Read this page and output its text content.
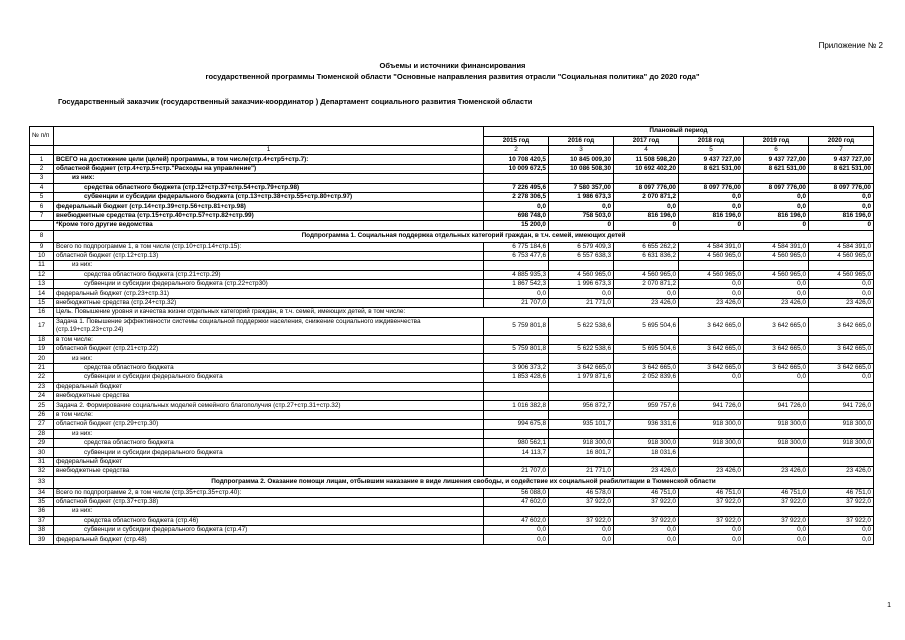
Приложение № 2
Объемы и источники финансирования
государственной программы Тюменской области "Основные направления развития отрасли "Социальная политика" до 2020 года"
Государственный заказчик (государственный заказчик-координатор ) Департамент социального развития Тюменской области
№ п/п		Плановый период					
		2015 год	2016 год	2017 год	2018 год	2019 год	2020 год
	1	2	3	4	5	6	7
1	ВСЕГО на достижение цели (целей) программы, в том числе(стр.4+стр5+стр.7):	10 708 420,5	10 845 009,30	11 508 598,20	9 437 727,00	9 437 727,00	9 437 727,00
2	областной бюджет (стр.4+стр.5+стр."Расходы на управление")	10 009 672,5	10 086 508,30	10 692 402,20	8 621 531,00	8 621 531,00	8 621 531,00
3	из них:						
4	средства областного бюджета (стр.12+стр.37+стр.54+стр.79+стр.98)	7 226 495,6	7 580 357,00	8 097 776,00	8 097 776,00	8 097 776,00	8 097 776,00
5	субвенции и субсидии федерального бюджета (стр.13+стр.38+стр.55+стр.80+стр.97)	2 278 306,5	1 986 673,3	2 070 871,2	0,0	0,0	0,0
6	федеральный бюджет (стр.14+стр.39+стр.56+стр.81+стр.98)	0,0	0,0	0,0	0,0	0,0	0,0
7	внебюджетные средства (стр.15+стр.40+стр.57+стр.82+стр.99)	698 748,0	758 503,0	816 196,0	816 196,0	816 196,0	816 196,0
	*Кроме того другие ведомства	15 200,0	0	0	0	0	0
8	Подпрограмма 1. Социальная поддержка отдельных категорий граждан, в т.ч. семей, имеющих детей						
9	Всего по подпрограмме 1, в том числе (стр.10+стр.14+стр.15):	6 775 184,6	6 579 409,3	6 655 262,2	4 584 391,0	4 584 391,0	4 584 391,0
10	областной бюджет (стр.12+стр.13)	6 753 477,6	6 557 638,3	6 631 836,2	4 560 965,0	4 560 965,0	4 560 965,0
11	из них:						
12	средства областного бюджета (стр.21+стр.29)	4 885 935,3	4 560 965,0	4 560 965,0	4 560 965,0	4 560 965,0	4 560 965,0
13	субвенции и субсидии федерального бюджета (стр.22+стр30)	1 867 542,3	1 996 673,3	2 070 871,2	0,0	0,0	0,0
14	федеральный бюджет (стр.23+стр.31)	0,0	0,0	0,0	0,0	0,0	0,0
15	внебюджетные средства (стр.24+стр.32)	21 707,0	21 771,0	23 426,0	23 426,0	23 426,0	23 426,0
16	Цель. Повышение уровня и качества жизни отдельных категорий граждан, в т.ч. семей, имеющих детей, в том числе:						
17	Задача 1. Повышение эффективности системы социальной поддержки населения, снижение социального иждивенчества (стр.19+стр.23+стр.24)	5 759 801,8	5 622 538,6	5 695 504,6	3 642 665,0	3 642 665,0	3 642 665,0
18	в том числе:						
19	областной бюджет (стр.21+стр.22)	5 759 801,8	5 622 538,6	5 695 504,6	3 642 665,0	3 642 665,0	3 642 665,0
20	из них:						
21	средства областного бюджета	3 906 373,2	3 642 665,0	3 642 665,0	3 642 665,0	3 642 665,0	3 642 665,0
22	субвенции и субсидии федерального бюджета	1 853 428,6	1 979 871,6	2 052 839,6	0,0	0,0	0,0
23	федеральный бюджет						
24	внебюджетные средства						
25	Задача 2. Формирование социальных моделей семейного благополучия (стр.27+стр.31+стр.32)	1 016 382,8	956 872,7	959 757,6	941 726,0	941 726,0	941 726,0
26	в том числе:						
27	областной бюджет (стр.29+стр.30)	994 675,8	935 101,7	936 331,6	918 300,0	918 300,0	918 300,0
28	из них:						
29	средства областного бюджета	980 562,1	918 300,0	918 300,0	918 300,0	918 300,0	918 300,0
30	субвенции и субсидии федерального бюджета	14 113,7	16 801,7	18 031,6			
31	федеральный бюджет						
32	внебюджетные средства	21 707,0	21 771,0	23 426,0	23 426,0	23 426,0	23 426,0
33	Подпрограмма 2. Оказание помощи лицам, отбывшим наказание в виде лишения свободы, и содействие их социальной реабилитации в Тюменской области						
34	Всего по подпрограмме 2, в том числе (стр.35+стр.35+стр.40):	56 088,0	46 578,0	46 751,0	46 751,0	46 751,0	46 751,0
35	областной бюджет (стр.37+стр.38)	47 602,0	37 922,0	37 922,0	37 922,0	37 922,0	37 922,0
36	из них:						
37	средства областного бюджета (стр.46)	47 602,0	37 922,0	37 922,0	37 922,0	37 922,0	37 922,0
38	субвенции и субсидии федерального бюджета (стр.47)	0,0	0,0	0,0	0,0	0,0	0,0
39	федеральный бюджет (стр.48)	0,0	0,0	0,0	0,0	0,0	0,0
1
